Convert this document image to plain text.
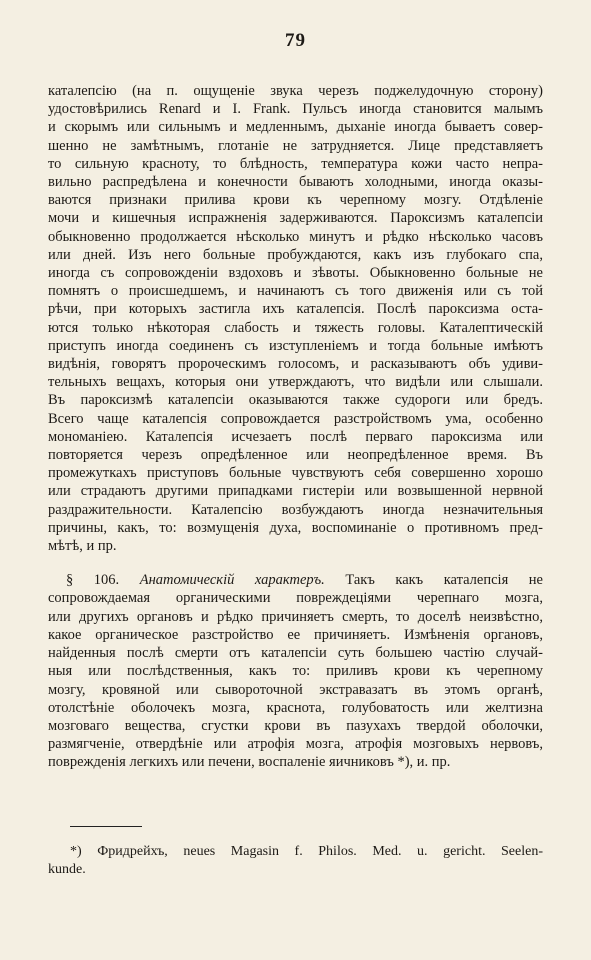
79
каталепсію (на п. ощущеніе звука черезъ поджелудочную сторону)
удостовѣрились Renard и I. Frank. Пульсъ иногда становится малымъ
и скорымъ или сильнымъ и медленнымъ, дыханіе иногда бываетъ совер-
шенно не замѣтнымъ, глотаніе не затрудняется. Лице представляетъ
то сильную красноту, то блѣдность, температура кожи часто непра-
вильно распредѣлена и конечности бываютъ холодными, иногда оказы-
ваются признаки прилива крови къ черепному мозгу. Отдѣленіе
мочи и кишечныя испражненія задерживаются. Пароксизмъ каталепсіи
обыкновенно продолжается нѣсколько минутъ и рѣдко нѣсколько часовъ
или дней. Изъ него больные пробуждаются, какъ изъ глубокаго спа,
иногда съ сопровожденіи вздоховъ и зѣвоты. Обыкновенно больные не
помнятъ о происшедшемъ, и начинаютъ съ того движенія или съ той
рѣчи, при которыхъ застигла ихъ каталепсія. Послѣ пароксизма оста-
ются только нѣкоторая слабость и тяжесть головы. Каталептическій
приступъ иногда соединенъ съ изступленіемъ и тогда больные имѣютъ
видѣнія, говорятъ пророческимъ голосомъ, и расказываютъ объ удиви-
тельныхъ вещахъ, которыя они утверждаютъ, что видѣли или слышали.
Въ пароксизмѣ каталепсіи оказываются также судороги или бредъ.
Всего чаще каталепсія сопровождается разстройствомъ ума, особенно
мономаніею. Каталепсія исчезаетъ послѣ перваго пароксизма или
повторяется черезъ опредѣленное или неопредѣленное время. Въ
промежуткахъ приступовъ больные чувствуютъ себя совершенно хорошо
или страдаютъ другими припадками гистеріи или возвышенной нервной
раздражительности. Каталепсію возбуждаютъ иногда незначительныя
причины, какъ, то: возмущенія духа, воспоминаніе о противномъ пред-
мѣтѣ, и пр.
§ 106. Анатомическій характеръ. Такъ какъ каталепсія не
сопровождаемая органическими повреждеціями черепнаго мозга,
или другихъ органовъ и рѣдко причиняетъ смерть, то доселѣ неизвѣстно,
какое органическое разстройство ее причиняетъ. Измѣненія органовъ,
найденныя послѣ смерти отъ каталепсіи суть большею частію случай-
ныя или послѣдственныя, какъ то: приливъ крови къ черепному
мозгу, кровяной или сывороточной экстравазатъ въ этомъ органѣ,
отолстѣніе оболочекъ мозга, краснота, голубоватость или желтизна
мозговаго вещества, сгустки крови въ пазухахъ твердой оболочки,
размягченіе, отвердѣніе или атрофія мозга, атрофія мозговыхъ нервовъ,
поврежденія легкихъ или печени, воспаленіе яичниковъ *), и. пр.
*) Фридрейхъ, neues Magasin f. Philos. Med. u. gericht. Seelen-
kunde.
